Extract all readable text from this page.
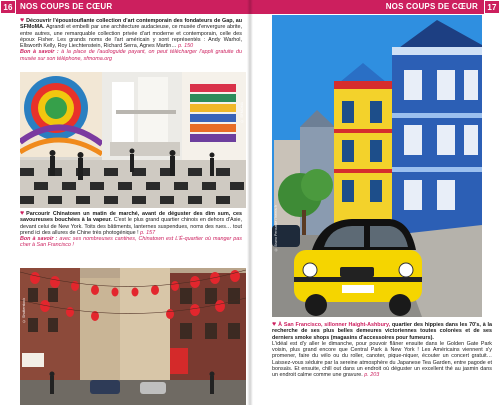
16 NOS COUPS DE CŒUR
♥ Découvrir l'époustouflante collection d'art contemporain des fondateurs de Gap, au SFMoMA. Agrandi et embelli par une architecture audacieuse, ce musée d'envergure abrite, entre autres, une remarquable collection privée d'art moderne et contemporain, celle des époux Fisher. Les grands noms de l'art américain y sont représentés : Andy Warhol, Ellsworth Kelly, Roy Liechtenstein, Richard Serra, Agnes Martin… p. 150
Bon à savoir : à la place de l'audioguide payant, on peut télécharger l'appli gratuite du musée sur son téléphone, sfmoma.org
© SFMOMA
♥ Parcourir Chinatown un matin de marché, avant de déguster des dim sum, ces savoureuses bouchées à la vapeur. C'est le plus grand quartier chinois en dehors d'Asie, devant celui de New York. Toits des bâtiments, lanternes suspendues, noms des rues… tout prend ici des allures de Chine très photogénique ! p. 157
Bon à savoir : avec ses nombreuses cantines, Chinatown est L'É-quartier où manger pas cher à San Francisco !
© Shutterstock
NOS COUPS DE CŒUR	17
© Bruno Perousse / hemis.fr
♥ À San Francisco, sillonner Haight-Ashbury, quartier des hippies dans les 70's, à la recherche de ses plus belles demeures victoriennes toutes colorées et de ses derniers smoke shops (magasins d'accessoires pour fumeurs).
L'idéal est d'y aller le dimanche, pour pouvoir flâner ensuite dans le Golden Gate Park voisin, plus grand encore que Central Park à New York ! Les Américains viennent s'y promener, faire du vélo ou du roller, canoter, pique-niquer, écouter un concert gratuit… Laissez-vous séduire par la sereine atmosphère du Japanese Tea Garden, entre pagode et bonsaïs. Et ensuite, chill out dans un endroit où déguster un excellent thé au jasmin dans un endroit calme comme une gravure. p. 203
